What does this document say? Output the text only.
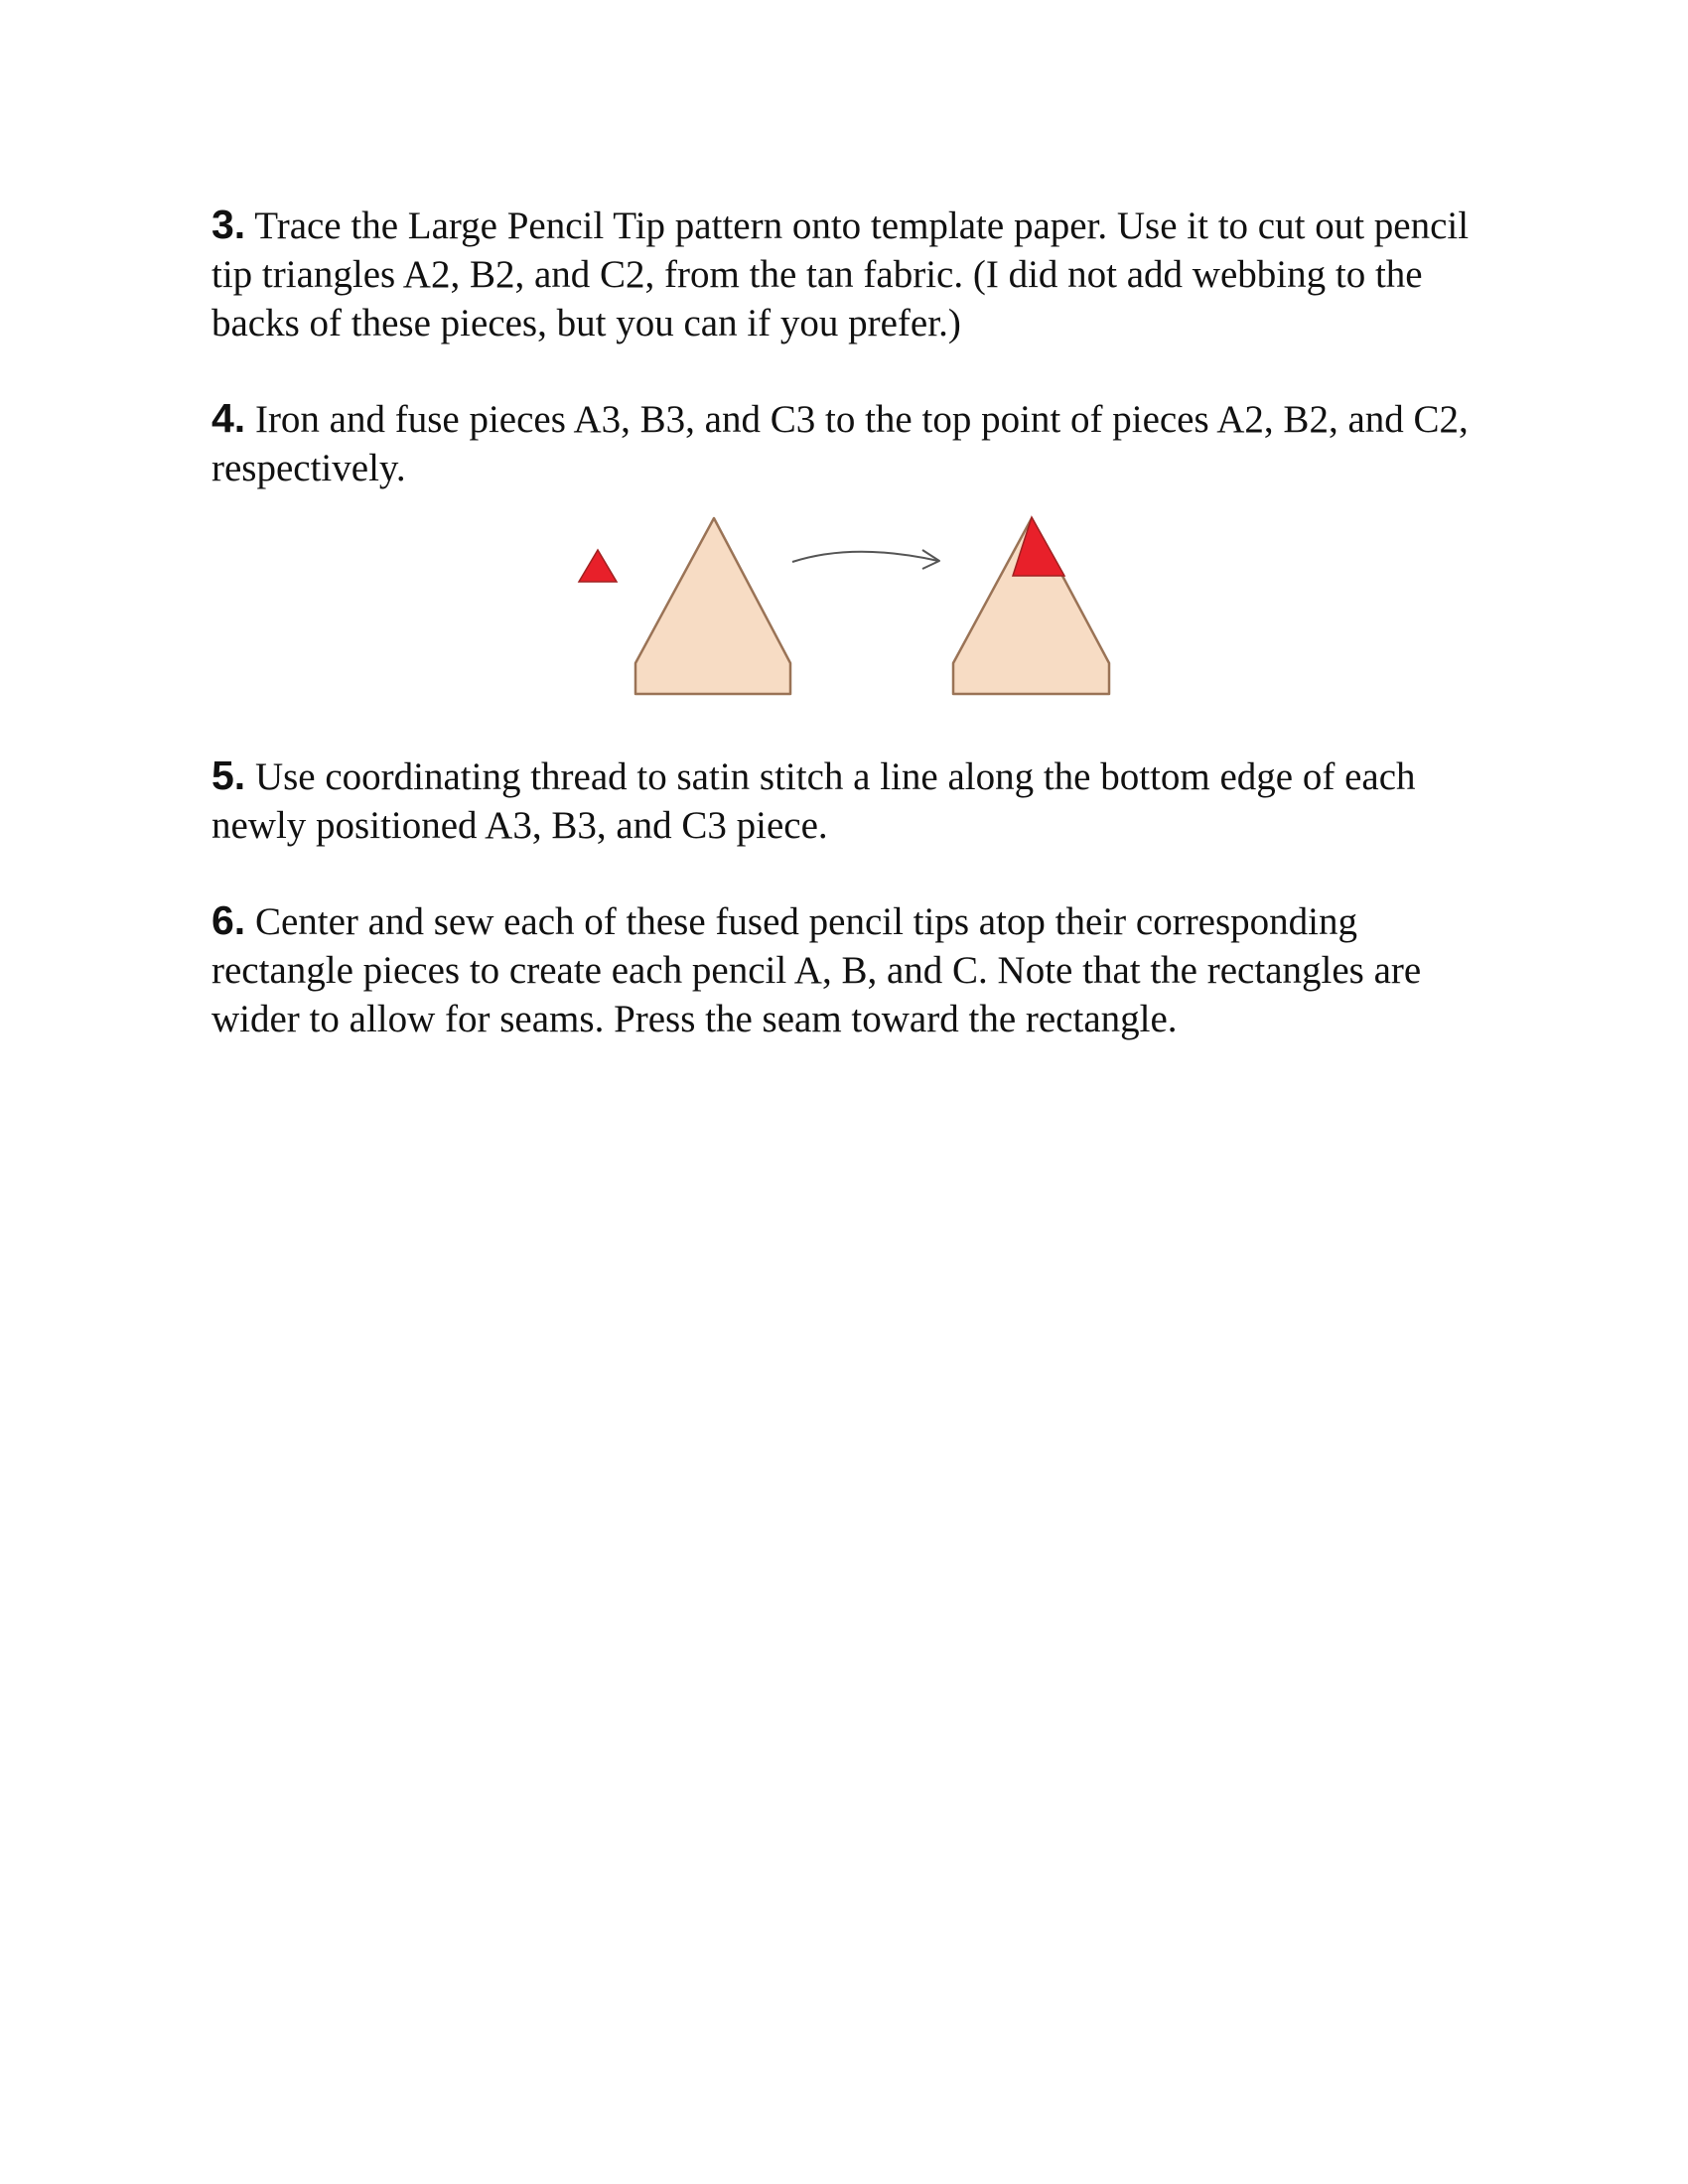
3. Trace the Large Pencil Tip pattern onto template paper. Use it to cut out pencil tip triangles A2, B2, and C2, from the tan fabric. (I did not add webbing to the backs of these pieces, but you can if you prefer.)

4. Iron and fuse pieces A3, B3, and C3 to the top point of pieces A2, B2, and C2, respectively.

5. Use coordinating thread to satin stitch a line along the bottom edge of each newly positioned A3, B3, and C3 piece.

6. Center and sew each of these fused pencil tips atop their corresponding rectangle pieces to create each pencil A, B, and C. Note that the rectangles are wider to allow for seams. Press the seam toward the rectangle.
